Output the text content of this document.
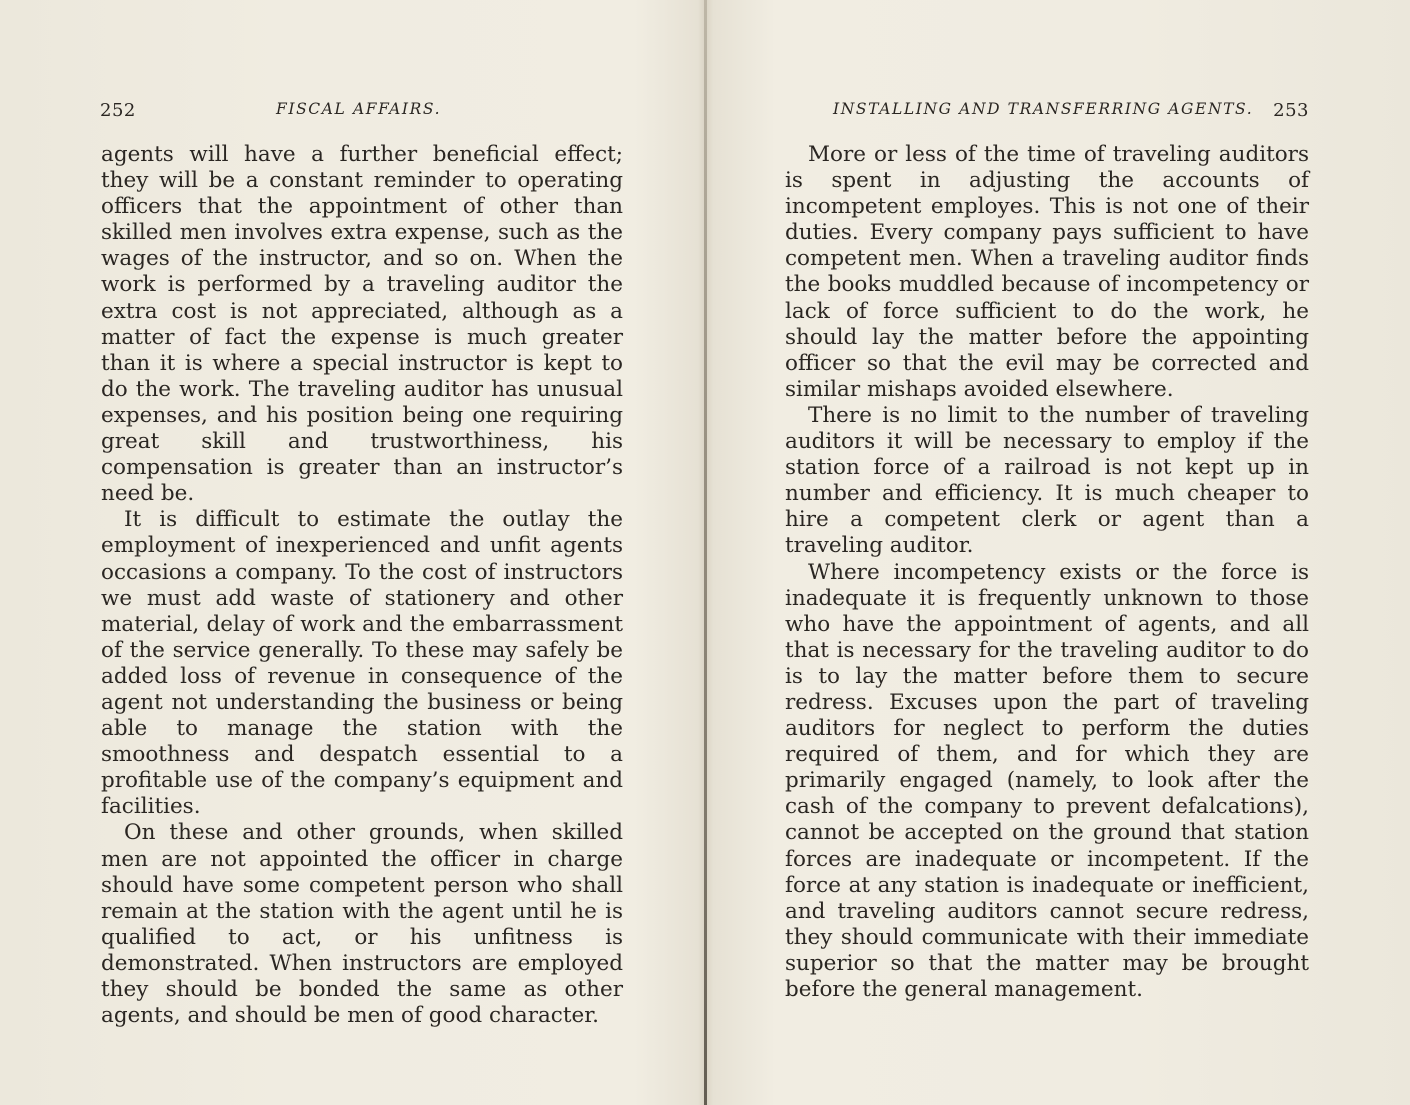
252	FISCAL AFFAIRS.

agents will have a further beneficial effect; they will be a constant reminder to operating officers that the appointment of other than skilled men involves extra expense, such as the wages of the instructor, and so on. When the work is performed by a traveling auditor the extra cost is not appreciated, although as a matter of fact the expense is much greater than it is where a special instructor is kept to do the work. The traveling auditor has unusual expenses, and his position being one requiring great skill and trustworthiness, his compensation is greater than an instructor’s need be.

It is difficult to estimate the outlay the employment of inexperienced and unfit agents occasions a company. To the cost of instructors we must add waste of stationery and other material, delay of work and the embarrassment of the service generally. To these may safely be added loss of revenue in consequence of the agent not understanding the business or being able to manage the station with the smoothness and despatch essential to a profitable use of the company’s equipment and facilities.

On these and other grounds, when skilled men are not appointed the officer in charge should have some competent person who shall remain at the station with the agent until he is qualified to act, or his unfitness is demonstrated. When instructors are employed they should be bonded the same as other agents, and should be men of good character.

INSTALLING AND TRANSFERRING AGENTS. 253

More or less of the time of traveling auditors is spent in adjusting the accounts of incompetent employes. This is not one of their duties. Every company pays sufficient to have competent men. When a traveling auditor finds the books muddled because of incompetency or lack of force sufficient to do the work, he should lay the matter before the appointing officer so that the evil may be corrected and similar mishaps avoided elsewhere.

There is no limit to the number of traveling auditors it will be necessary to employ if the station force of a railroad is not kept up in number and efficiency. It is much cheaper to hire a competent clerk or agent than a traveling auditor.

Where incompetency exists or the force is inadequate it is frequently unknown to those who have the appointment of agents, and all that is necessary for the traveling auditor to do is to lay the matter before them to secure redress. Excuses upon the part of traveling auditors for neglect to perform the duties required of them, and for which they are primarily engaged (namely, to look after the cash of the company to prevent defalcations), cannot be accepted on the ground that station forces are inadequate or incompetent. If the force at any station is inadequate or inefficient, and traveling auditors cannot secure redress, they should communicate with their immediate superior so that the matter may be brought before the general management.
